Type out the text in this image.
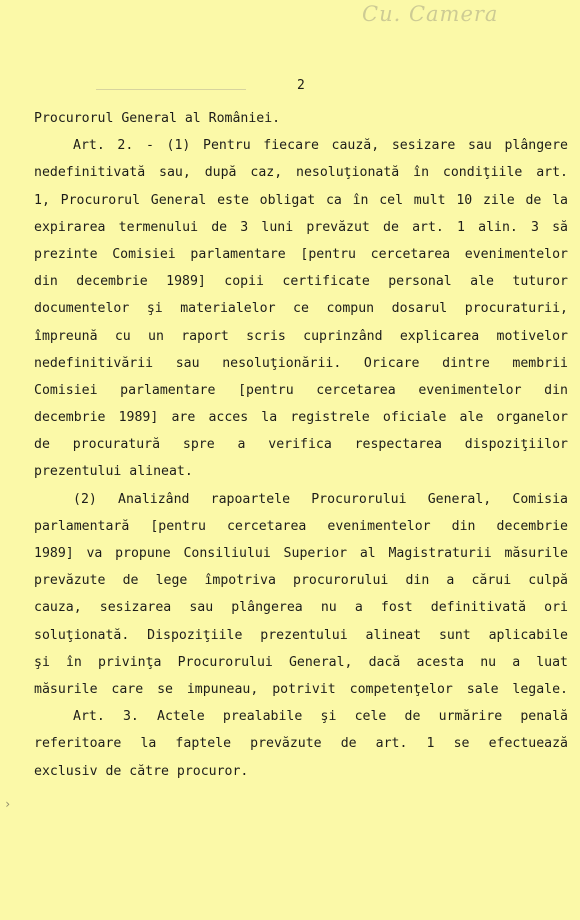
Cu. Camera
2
Procurorul General al României.
Art. 2. - (1) Pentru fiecare cauză, sesizare sau plângere
nedefinitivată sau, după caz, nesoluţionată în condiţiile art.
1, Procurorul General este obligat ca în cel mult 10 zile de la
expirarea termenului de 3 luni prevăzut de art. 1 alin. 3 să
prezinte Comisiei parlamentare [pentru cercetarea evenimentelor
din decembrie 1989] copii certificate personal ale tuturor
documentelor şi materialelor ce compun dosarul procuraturii,
împreună cu un raport scris cuprinzând explicarea motivelor
nedefinitivării sau nesoluţionării. Oricare dintre membrii
Comisiei parlamentare [pentru cercetarea evenimentelor din
decembrie 1989] are acces la registrele oficiale ale organelor
de procuratură spre a verifica respectarea dispoziţiilor
prezentului alineat.
(2) Analizând rapoartele Procurorului General, Comisia
parlamentară [pentru cercetarea evenimentelor din decembrie
1989] va propune Consiliului Superior al Magistraturii măsurile
prevăzute de lege împotriva procurorului din a cărui culpă
cauza, sesizarea sau plângerea nu a fost definitivată ori
soluţionată. Dispoziţiile prezentului alineat sunt aplicabile
şi în privinţa Procurorului General, dacă acesta nu a luat
măsurile care se impuneau, potrivit competenţelor sale legale.
Art. 3. Actele prealabile şi cele de urmărire penală
referitoare la faptele prevăzute de art. 1 se efectuează
exclusiv de către procuror.
›
